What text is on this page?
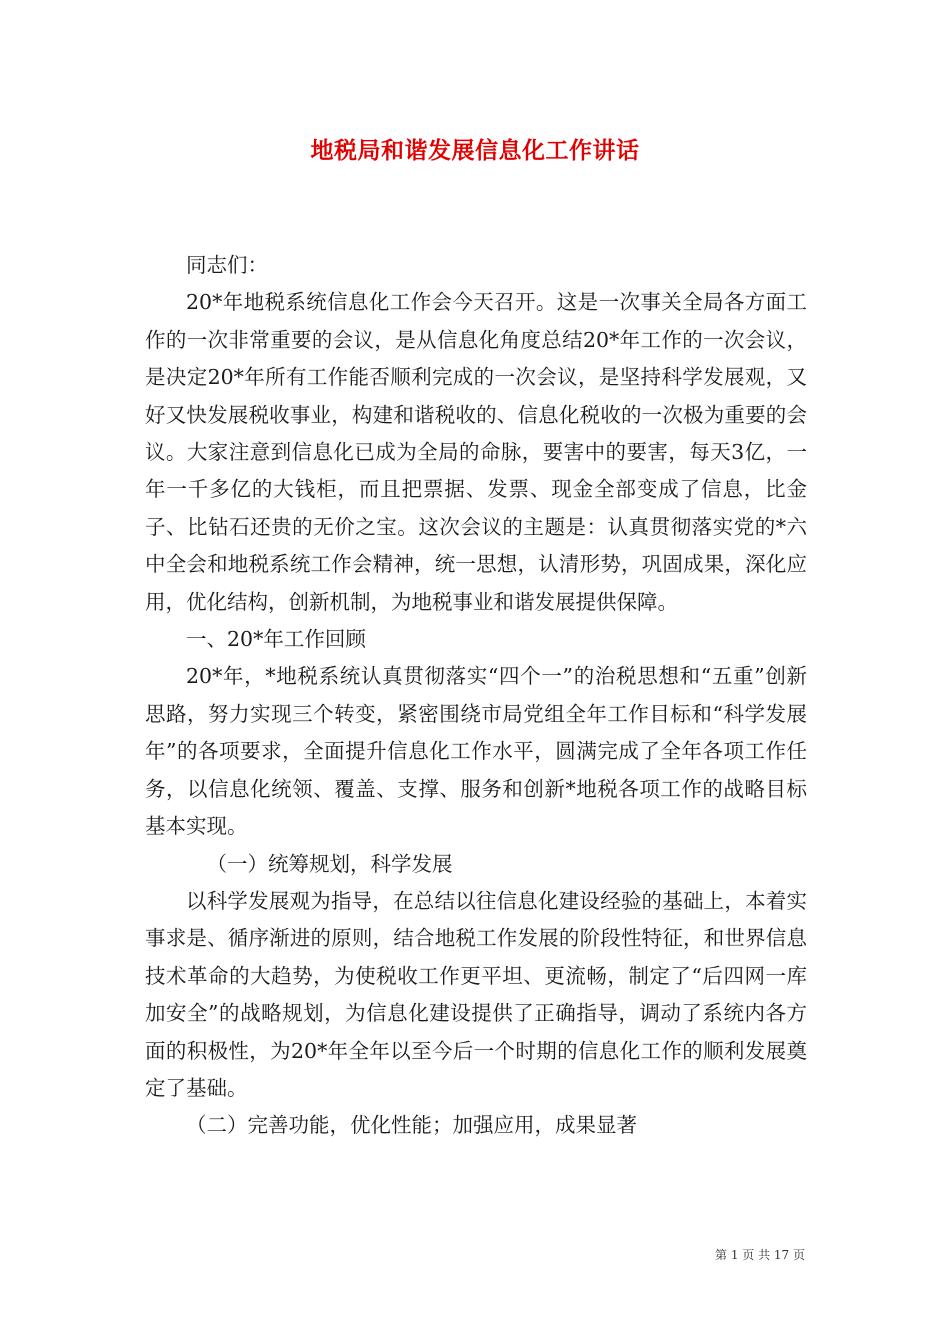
地税局和谐发展信息化工作讲话

同志们：

20*年地税系统信息化工作会今天召开。这是一次事关全局各方面工作的一次非常重要的会议，是从信息化角度总结20*年工作的一次会议，是决定20*年所有工作能否顺利完成的一次会议，是坚持科学发展观，又好又快发展税收事业，构建和谐税收的、信息化税收的一次极为重要的会议。大家注意到信息化已成为全局的命脉，要害中的要害，每天3亿，一年一千多亿的大钱柜，而且把票据、发票、现金全部变成了信息，比金子、比钻石还贵的无价之宝。这次会议的主题是：认真贯彻落实党的*六中全会和地税系统工作会精神，统一思想，认清形势，巩固成果，深化应用，优化结构，创新机制，为地税事业和谐发展提供保障。

一、20*年工作回顾

20*年，*地税系统认真贯彻落实“四个一”的治税思想和“五重”创新思路，努力实现三个转变，紧密围绕市局党组全年工作目标和“科学发展年”的各项要求，全面提升信息化工作水平，圆满完成了全年各项工作任务，以信息化统领、覆盖、支撑、服务和创新*地税各项工作的战略目标基本实现。

（一）统筹规划，科学发展

以科学发展观为指导，在总结以往信息化建设经验的基础上，本着实事求是、循序渐进的原则，结合地税工作发展的阶段性特征，和世界信息技术革命的大趋势，为使税收工作更平坦、更流畅，制定了“后四网一库加安全”的战略规划，为信息化建设提供了正确指导，调动了系统内各方面的积极性，为20*年全年以至今后一个时期的信息化工作的顺利发展奠定了基础。

（二）完善功能，优化性能；加强应用，成果显著

第 1 页 共 17 页
